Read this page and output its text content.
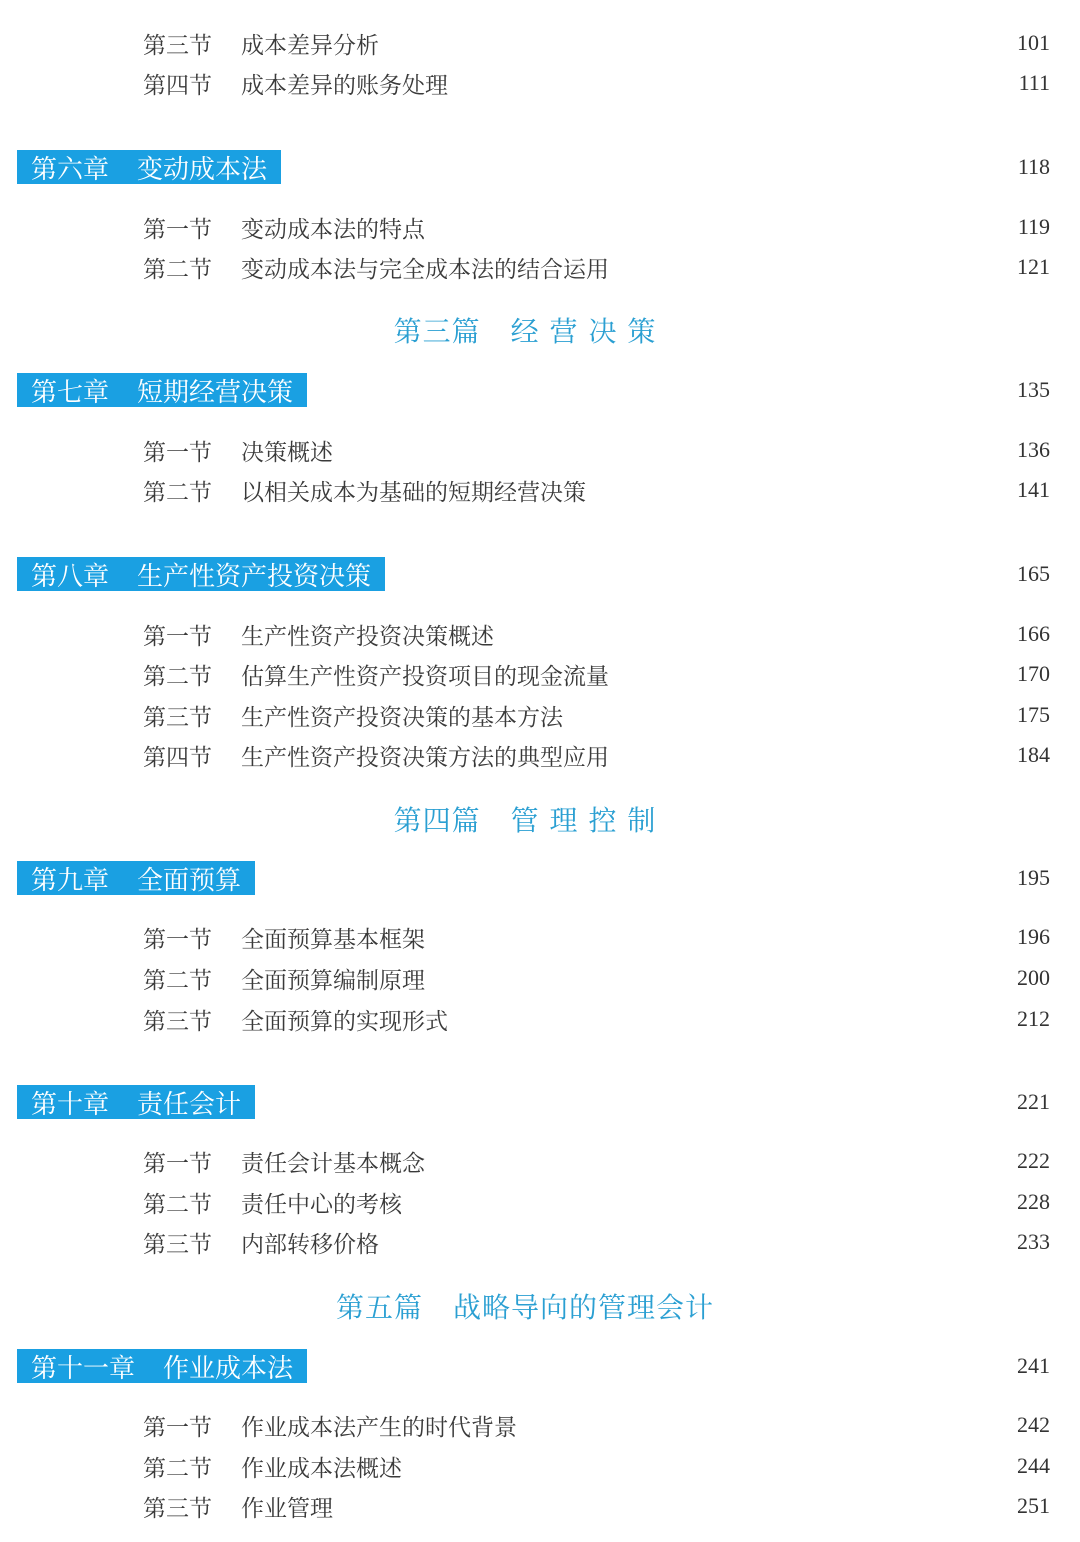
第三节 成本差异分析	101
第四节 成本差异的账务处理	111
第六章 变动成本法	118
第一节 变动成本法的特点	119
第二节 变动成本法与完全成本法的结合运用	121
第三篇 经 营 决 策
第七章 短期经营决策	135
第一节 决策概述	136
第二节 以相关成本为基础的短期经营决策	141
第八章 生产性资产投资决策	165
第一节 生产性资产投资决策概述	166
第二节 估算生产性资产投资项目的现金流量	170
第三节 生产性资产投资决策的基本方法	175
第四节 生产性资产投资决策方法的典型应用	184
第四篇 管 理 控 制
第九章 全面预算	195
第一节 全面预算基本框架	196
第二节 全面预算编制原理	200
第三节 全面预算的实现形式	212
第十章 责任会计	221
第一节 责任会计基本概念	222
第二节 责任中心的考核	228
第三节 内部转移价格	233
第五篇 战略导向的管理会计
第十一章 作业成本法	241
第一节 作业成本法产生的时代背景	242
第二节 作业成本法概述	244
第三节 作业管理	251
